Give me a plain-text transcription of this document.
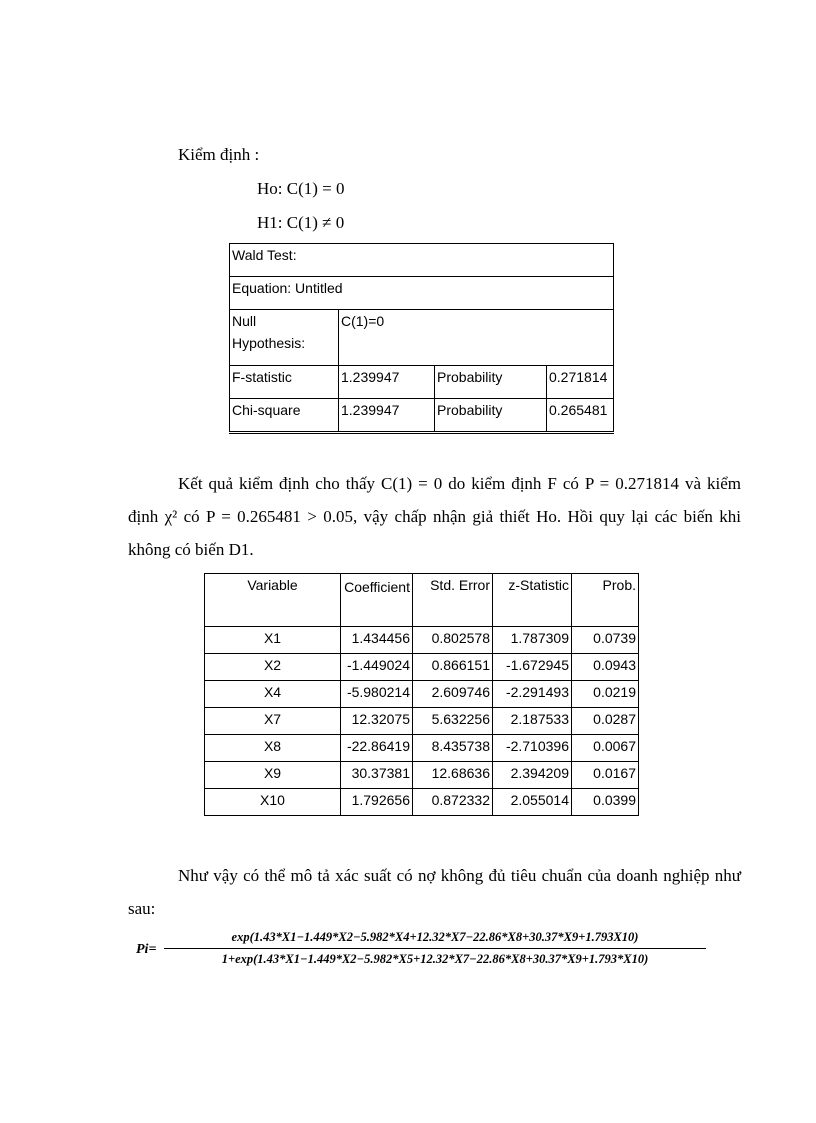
Kiểm định :
Ho: C(1) = 0
H1: C(1) ≠ 0
Wald Test:			
Equation: Untitled			
Null
Hypothesis:	C(1)=0		
F-statistic	1.239947	Probability	0.271814
Chi-square	1.239947	Probability	0.265481
Kết quả kiểm định cho thấy C(1) = 0 do kiểm định F có P = 0.271814 và kiểm định χ² có P = 0.265481 > 0.05, vậy chấp nhận giả thiết Ho. Hồi quy lại các biến khi không có biến D1.
Variable	Coefficient	Std. Error	z-Statistic	Prob.
X1	1.434456	0.802578	1.787309	0.0739
X2	-1.449024	0.866151	-1.672945	0.0943
X4	-5.980214	2.609746	-2.291493	0.0219
X7	12.32075	5.632256	2.187533	0.0287
X8	-22.86419	8.435738	-2.710396	0.0067
X9	30.37381	12.68636	2.394209	0.0167
X10	1.792656	0.872332	2.055014	0.0399
Như vậy có thể mô tả xác suất có nợ không đủ tiêu chuẩn của doanh nghiệp như sau:
Pi=
exp(1.43*X1−1.449*X2−5.982*X4+12.32*X7−22.86*X8+30.37*X9+1.793X10)
1+exp(1.43*X1−1.449*X2−5.982*X5+12.32*X7−22.86*X8+30.37*X9+1.793*X10)
